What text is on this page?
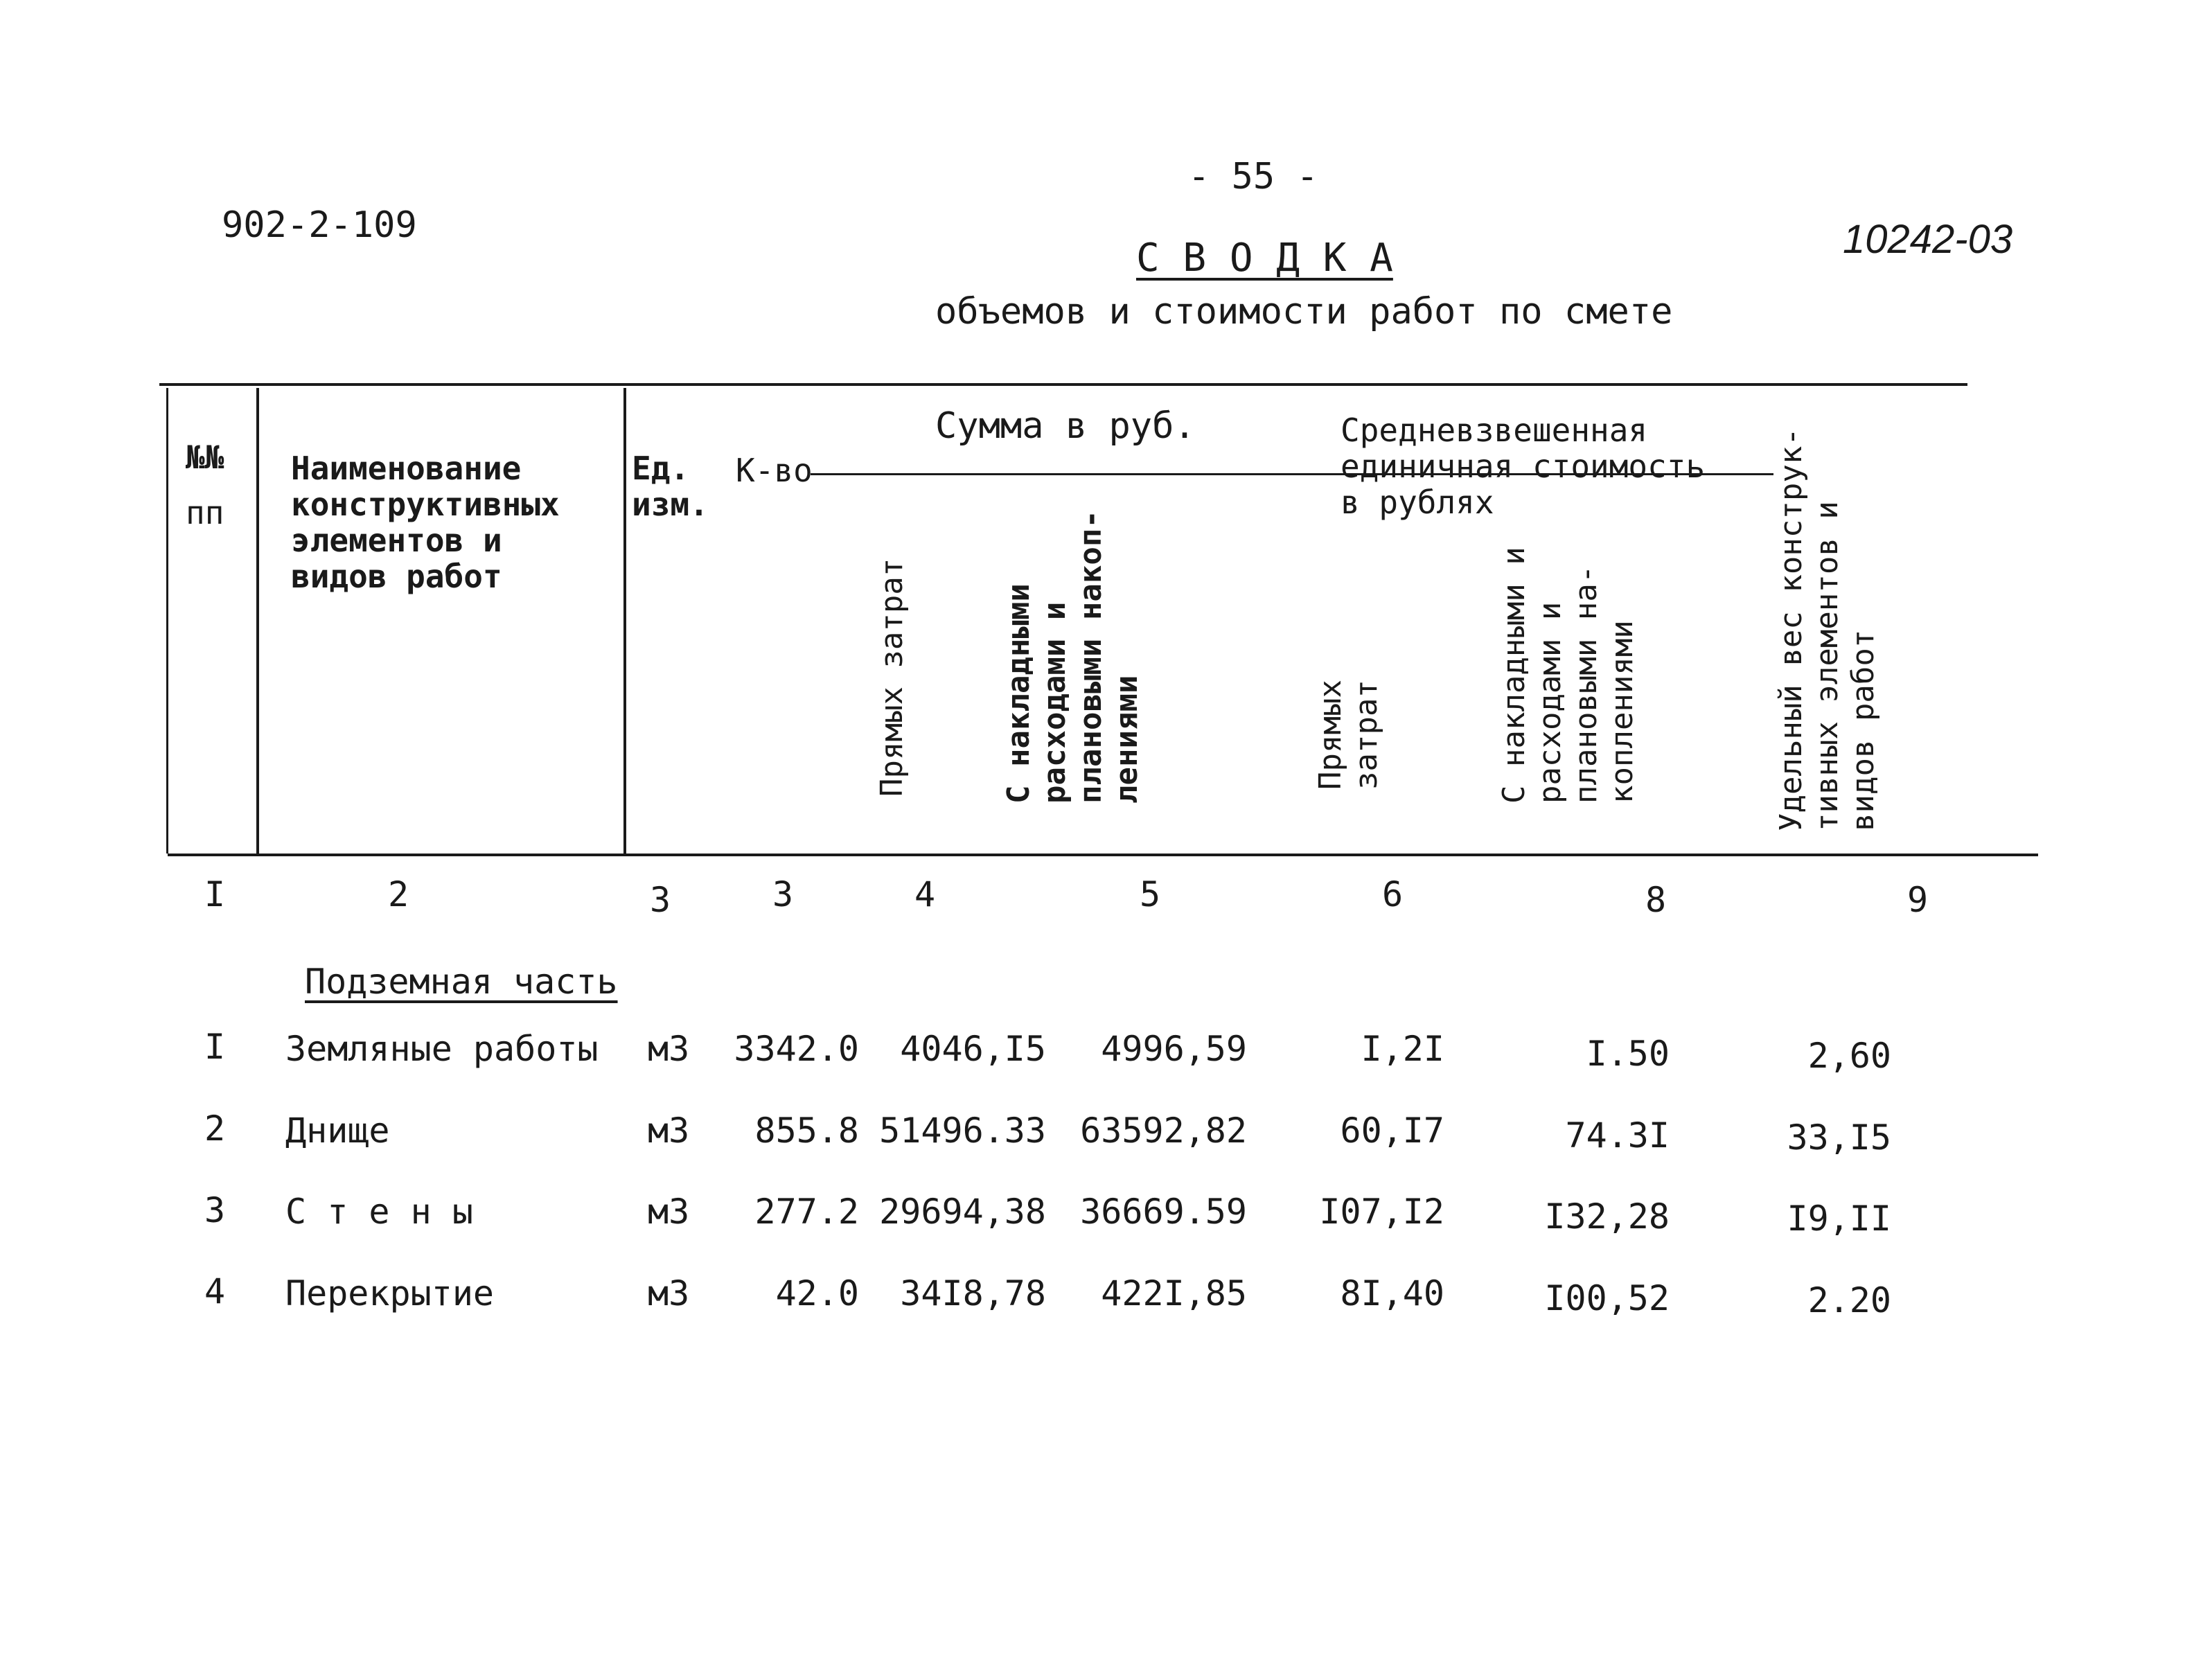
- 55 -
902-2-109	10242-03
С В О Д К А
объемов и стоимости работ по смете
№№
пп
Наименование
конструктивных
элементов и
видов работ
Ед.
изм.
К-во
Сумма в руб.	Средневзвешенная
единичная стоимость
в рублях
Прямых затрат	С накладными расходами и плановыми накоп- лениями	Прямых затрат	С накладными и расходами и плановыми на- коплениями	Удельный вес конструк- тивных элементов и видов работ
I	2	3	3	4	5	6	8	9
Подземная часть
I Земляные работы м3	3342.0	4046,I5	4996,59	I,2I	I.50	2,60
2 Днище	м3	855.8 51496.33 63592,82	60,I7	74.3I	33,I5
3 С т е н ы	м3	277.2 29694,38 36669.59	I07,I2	I32,28	I9,II
4 Перекрытие	м3	42.0	34I8,78	422I,85	8I,40	I00,52	2.20
